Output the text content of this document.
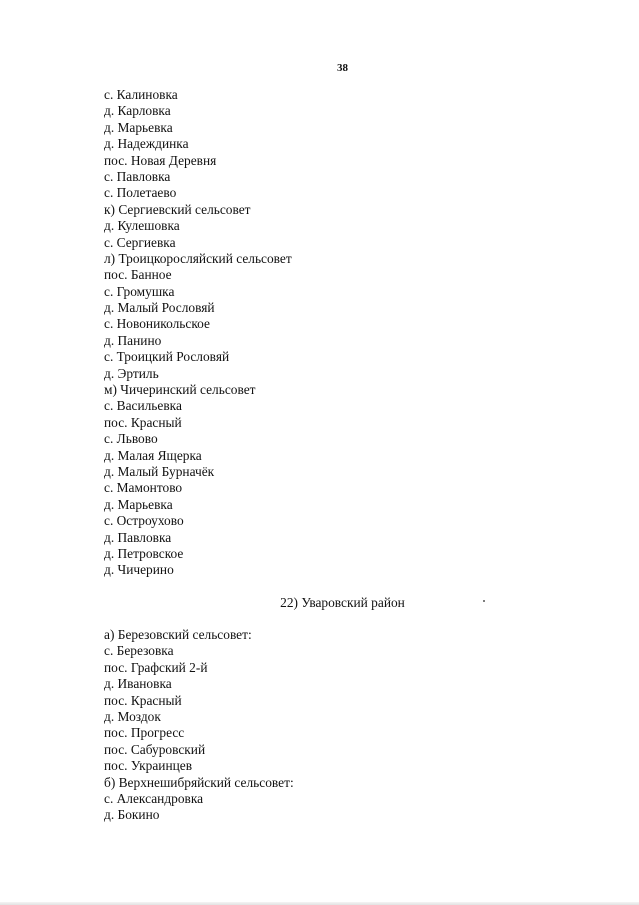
38
с. Калиновка
д. Карловка
д. Марьевка
д. Надеждинка
пос. Новая Деревня
с. Павловка
с. Полетаево
к) Сергиевский сельсовет
д. Кулешовка
с. Сергиевка
л) Троицкоросляйский сельсовет
пос. Банное
с. Громушка
д. Малый Рословяй
с. Новоникольское
д. Панино
с. Троицкий Рословяй
д. Эртиль
м) Чичеринский сельсовет
с. Васильевка
пос. Красный
с. Львово
д. Малая Ящерка
д. Малый Бурначёк
с. Мамонтово
д. Марьевка
с. Остроухово
д. Павловка
д. Петровское
д. Чичерино
22) Уваровский район
а) Березовский сельсовет:
с. Березовка
пос. Графский 2-й
д. Ивановка
пос. Красный
д. Моздок
пос. Прогресс
пос. Сабуровский
пос. Украинцев
б) Верхнешибряйский сельсовет:
с. Александровка
д. Бокино
